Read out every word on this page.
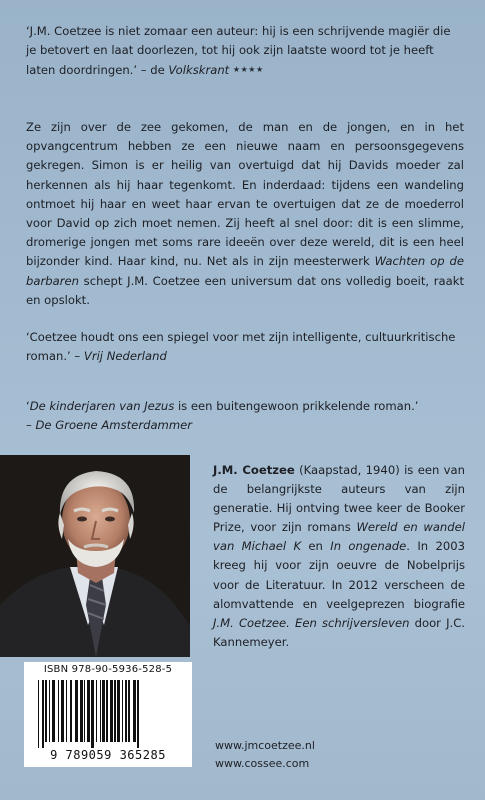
‘J.M. Coetzee is niet zomaar een auteur: hij is een schrijvende magiër die je betovert en laat doorlezen, tot hij ook zijn laatste woord tot je heeft laten doordringen.’ – de Volkskrant ★★★★

Ze zijn over de zee gekomen, de man en de jongen, en in het opvangcentrum hebben ze een nieuwe naam en persoonsgegevens gekregen. Simon is er heilig van overtuigd dat hij Davids moeder zal herkennen als hij haar tegenkomt. En inderdaad: tijdens een wandeling ontmoet hij haar en weet haar ervan te overtuigen dat ze de moederrol voor David op zich moet nemen. Zij heeft al snel door: dit is een slimme, dromerige jongen met soms rare ideeën over deze wereld, dit is een heel bijzonder kind. Haar kind, nu. Net als in zijn meesterwerk Wachten op de barbaren schept J.M. Coetzee een universum dat ons volledig boeit, raakt en opslokt.

‘Coetzee houdt ons een spiegel voor met zijn intelligente, cultuurkritische roman.’ – Vrij Nederland

‘De kinderjaren van Jezus is een buitengewoon prikkelende roman.’
– De Groene Amsterdammer

J.M. Coetzee (Kaapstad, 1940) is een van de belangrijkste auteurs van zijn generatie. Hij ontving twee keer de Booker Prize, voor zijn romans Wereld en wandel van Michael K en In ongenade. In 2003 kreeg hij voor zijn oeuvre de Nobelprijs voor de Literatuur. In 2012 verscheen de alomvattende en veelgeprezen biografie J.M. Coetzee. Een schrijversleven door J.C. Kannemeyer.

ISBN 978-90-5936-528-5
9 789059 365285
www.jmcoetzee.nl
www.cossee.com
